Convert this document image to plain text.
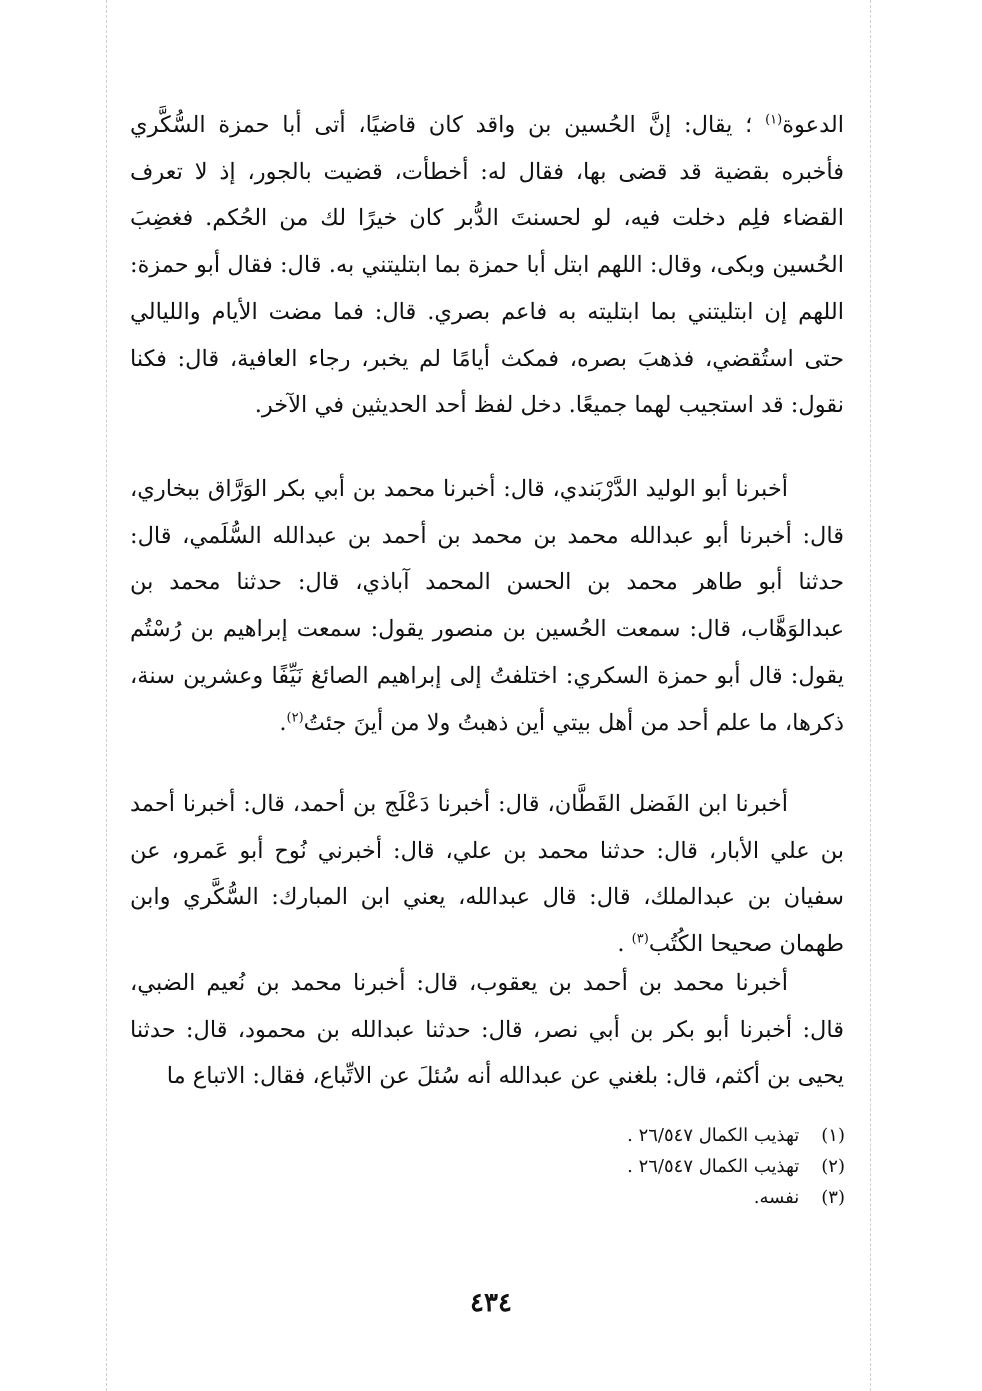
الدعوة$^{(١)}$ ؛ يقال: إنَّ الحُسين بن واقد كان قاضيًا، أتى أبا حمزة السُّكَّري فأخبره بقضية قد قضى بها، فقال له: أخطأت، قضيت بالجور، إذ لا تعرف القضاء فلِم دخلت فيه، لو لحسنتَ الدُّبر كان خيرًا لك من الحُكم. فغضِبَ الحُسين وبكى، وقال: اللهم ابتل أبا حمزة بما ابتليتني به. قال: فقال أبو حمزة: اللهم إن ابتليتني بما ابتليته به فاعم بصري. قال: فما مضت الأيام والليالي حتى استُقضي، فذهبَ بصره، فمكث أيامًا لم يخبر، رجاء العافية، قال: فكنا نقول: قد استجيب لهما جميعًا. دخل لفظ أحد الحديثين في الآخر.

أخبرنا أبو الوليد الدَّرْبَندي، قال: أخبرنا محمد بن أبي بكر الوَرَّاق ببخاري، قال: أخبرنا أبو عبدالله محمد بن محمد بن أحمد بن عبدالله السُّلَمي، قال: حدثنا أبو طاهر محمد بن الحسن المحمد آباذي، قال: حدثنا محمد بن عبدالوَهَّاب، قال: سمعت الحُسين بن منصور يقول: سمعت إبراهيم بن رُسْتُم يقول: قال أبو حمزة السكري: اختلفتُ إلى إبراهيم الصائغ نَيِّفًا وعشرين سنة، ذكرها، ما علم أحد من أهل بيتي أين ذهبتُ ولا من أينَ جئتُ$^{(٢)}$.

أخبرنا ابن الفَضل القَطَّان، قال: أخبرنا دَعْلَج بن أحمد، قال: أخبرنا أحمد بن علي الأبار، قال: حدثنا محمد بن علي، قال: أخبرني نُوح أبو عَمرو، عن سفيان بن عبدالملك، قال: قال عبدالله، يعني ابن المبارك: السُّكَّري وابن طهمان صحيحا الكُتُب$^{(٣)}$ .

أخبرنا محمد بن أحمد بن يعقوب، قال: أخبرنا محمد بن نُعيم الضبي، قال: أخبرنا أبو بكر بن أبي نصر، قال: حدثنا عبدالله بن محمود، قال: حدثنا يحيى بن أكثم، قال: بلغني عن عبدالله أنه سُئلَ عن الاتِّباع، فقال: الاتباع ما

(١) تهذيب الكمال ٢٦/٥٤٧ .
(٢) تهذيب الكمال ٢٦/٥٤٧ .
(٣) نفسه.
٤٣٤
